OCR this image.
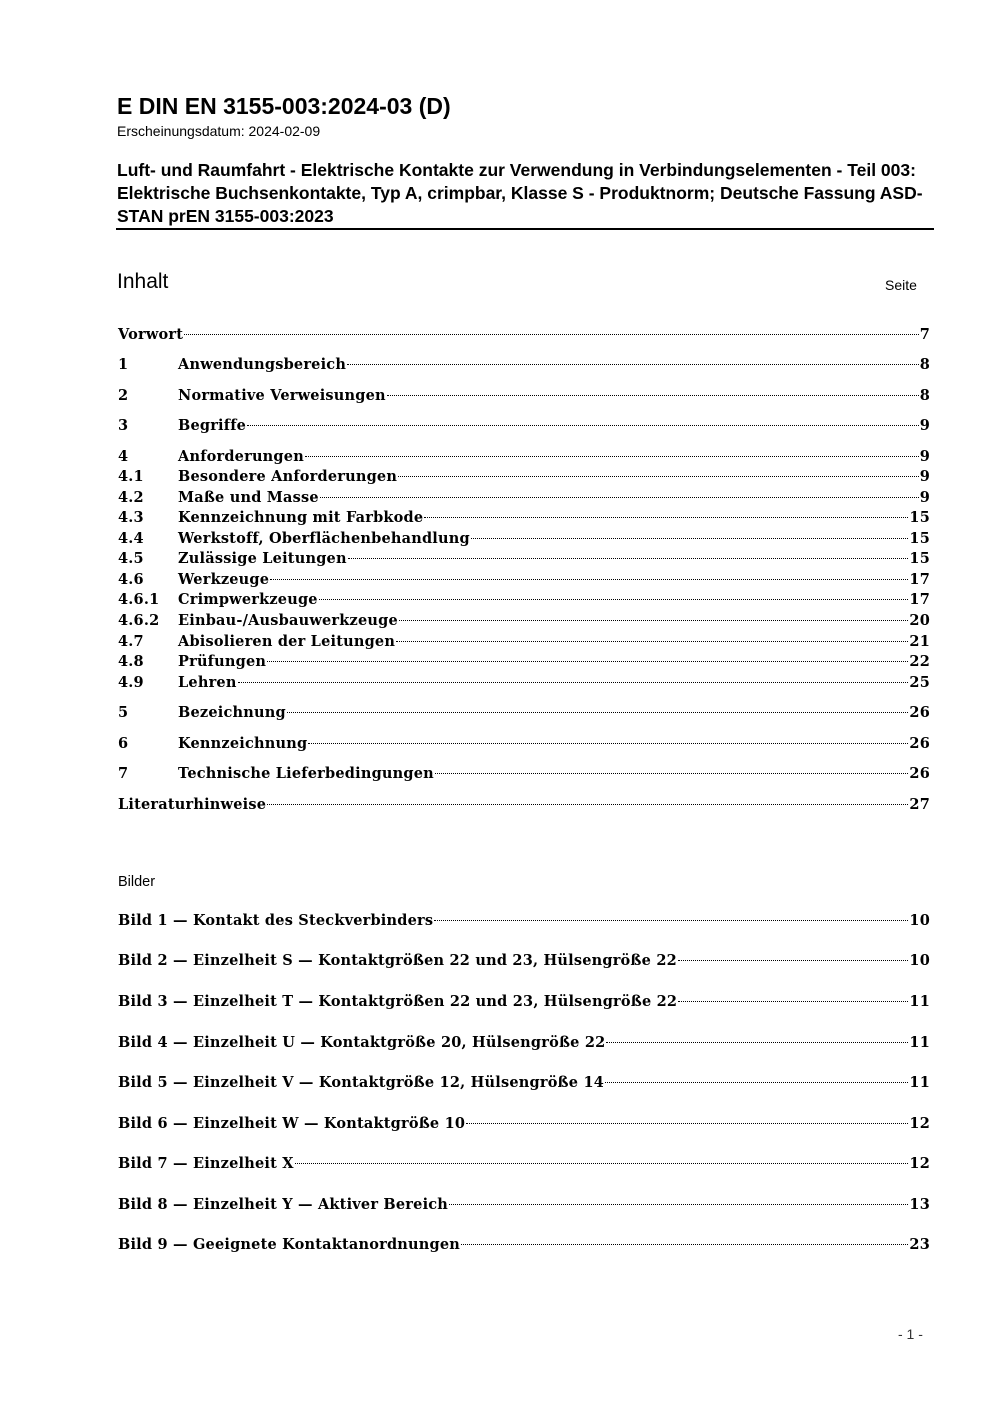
E DIN EN 3155-003:2024-03 (D)
Erscheinungsdatum: 2024-02-09
Luft- und Raumfahrt - Elektrische Kontakte zur Verwendung in Verbindungselementen - Teil 003: Elektrische Buchsenkontakte, Typ A, crimpbar, Klasse S - Produktnorm; Deutsche Fassung ASD-STAN prEN 3155-003:2023
Inhalt	Seite
Vorwort	7
1	Anwendungsbereich	8
2	Normative Verweisungen	8
3	Begriffe	9
4	Anforderungen	9
4.1	Besondere Anforderungen	9
4.2	Maße und Masse	9
4.3	Kennzeichnung mit Farbkode	15
4.4	Werkstoff, Oberflächenbehandlung	15
4.5	Zulässige Leitungen	15
4.6	Werkzeuge	17
4.6.1	Crimpwerkzeuge	17
4.6.2	Einbau-/Ausbauwerkzeuge	20
4.7	Abisolieren der Leitungen	21
4.8	Prüfungen	22
4.9	Lehren	25
5	Bezeichnung	26
6	Kennzeichnung	26
7	Technische Lieferbedingungen	26
Literaturhinweise	27
Bilder
Bild 1 — Kontakt des Steckverbinders	10
Bild 2 — Einzelheit S — Kontaktgrößen 22 und 23, Hülsengröße 22	10
Bild 3 — Einzelheit T — Kontaktgrößen 22 und 23, Hülsengröße 22	11
Bild 4 — Einzelheit U — Kontaktgröße 20, Hülsengröße 22	11
Bild 5 — Einzelheit V — Kontaktgröße 12, Hülsengröße 14	11
Bild 6 — Einzelheit W — Kontaktgröße 10	12
Bild 7 — Einzelheit X	12
Bild 8 — Einzelheit Y — Aktiver Bereich	13
Bild 9 — Geeignete Kontaktanordnungen	23
- 1 -
